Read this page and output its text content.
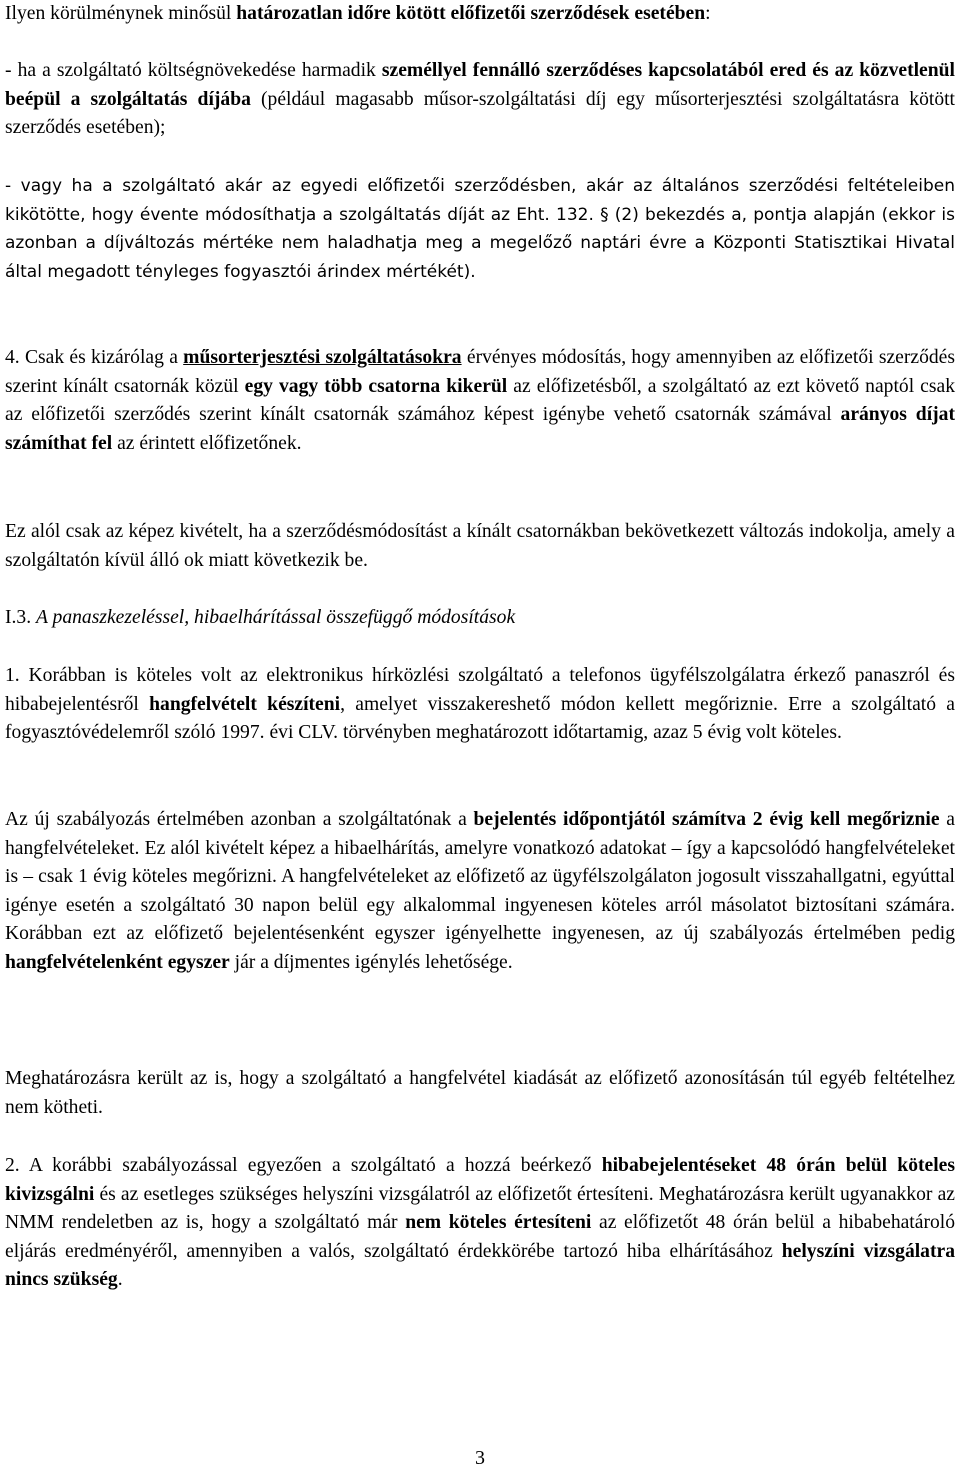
Ilyen körülménynek minősül határozatlan időre kötött előfizetői szerződések esetében:

- ha a szolgáltató költségnövekedése harmadik személlyel fennálló szerződéses kapcsolatából ered és az közvetlenül beépül a szolgáltatás díjába (például magasabb műsor-szolgáltatási díj egy műsorterjesztési szolgáltatásra kötött szerződés esetében);

- vagy ha a szolgáltató akár az egyedi előfizetői szerződésben, akár az általános szerződési feltételeiben kikötötte, hogy évente módosíthatja a szolgáltatás díját az Eht. 132. § (2) bekezdés a, pontja alapján (ekkor is azonban a díjváltozás mértéke nem haladhatja meg a megelőző naptári évre a Központi Statisztikai Hivatal által megadott tényleges fogyasztói árindex mértékét).

4. Csak és kizárólag a műsorterjesztési szolgáltatásokra érvényes módosítás, hogy amennyiben az előfizetői szerződés szerint kínált csatornák közül egy vagy több csatorna kikerül az előfizetésből, a szolgáltató az ezt követő naptól csak az előfizetői szerződés szerint kínált csatornák számához képest igénybe vehető csatornák számával arányos díjat számíthat fel az érintett előfizetőnek.

Ez alól csak az képez kivételt, ha a szerződésmódosítást a kínált csatornákban bekövetkezett változás indokolja, amely a szolgáltatón kívül álló ok miatt következik be.

I.3. A panaszkezeléssel, hibaelhárítással összefüggő módosítások

1. Korábban is köteles volt az elektronikus hírközlési szolgáltató a telefonos ügyfélszolgálatra érkező panaszról és hibabejelentésről hangfelvételt készíteni, amelyet visszakereshető módon kellett megőriznie. Erre a szolgáltató a fogyasztóvédelemről szóló 1997. évi CLV. törvényben meghatározott időtartamig, azaz 5 évig volt köteles.

Az új szabályozás értelmében azonban a szolgáltatónak a bejelentés időpontjától számítva 2 évig kell megőriznie a hangfelvételeket. Ez alól kivételt képez a hibaelhárítás, amelyre vonatkozó adatokat – így a kapcsolódó hangfelvételeket is – csak 1 évig köteles megőrizni. A hangfelvételeket az előfizető az ügyfélszolgálaton jogosult visszahallgatni, egyúttal igénye esetén a szolgáltató 30 napon belül egy alkalommal ingyenesen köteles arról másolatot biztosítani számára. Korábban ezt az előfizető bejelentésenként egyszer igényelhette ingyenesen, az új szabályozás értelmében pedig hangfelvételenként egyszer jár a díjmentes igénylés lehetősége.

Meghatározásra került az is, hogy a szolgáltató a hangfelvétel kiadását az előfizető azonosításán túl egyéb feltételhez nem kötheti.

2. A korábbi szabályozással egyezően a szolgáltató a hozzá beérkező hibabejelentéseket 48 órán belül köteles kivizsgálni és az esetleges szükséges helyszíni vizsgálatról az előfizetőt értesíteni. Meghatározásra került ugyanakkor az NMM rendeletben az is, hogy a szolgáltató már nem köteles értesíteni az előfizetőt 48 órán belül a hibabehatároló eljárás eredményéről, amennyiben a valós, szolgáltató érdekkörébe tartozó hiba elhárításához helyszíni vizsgálatra nincs szükség.

3
